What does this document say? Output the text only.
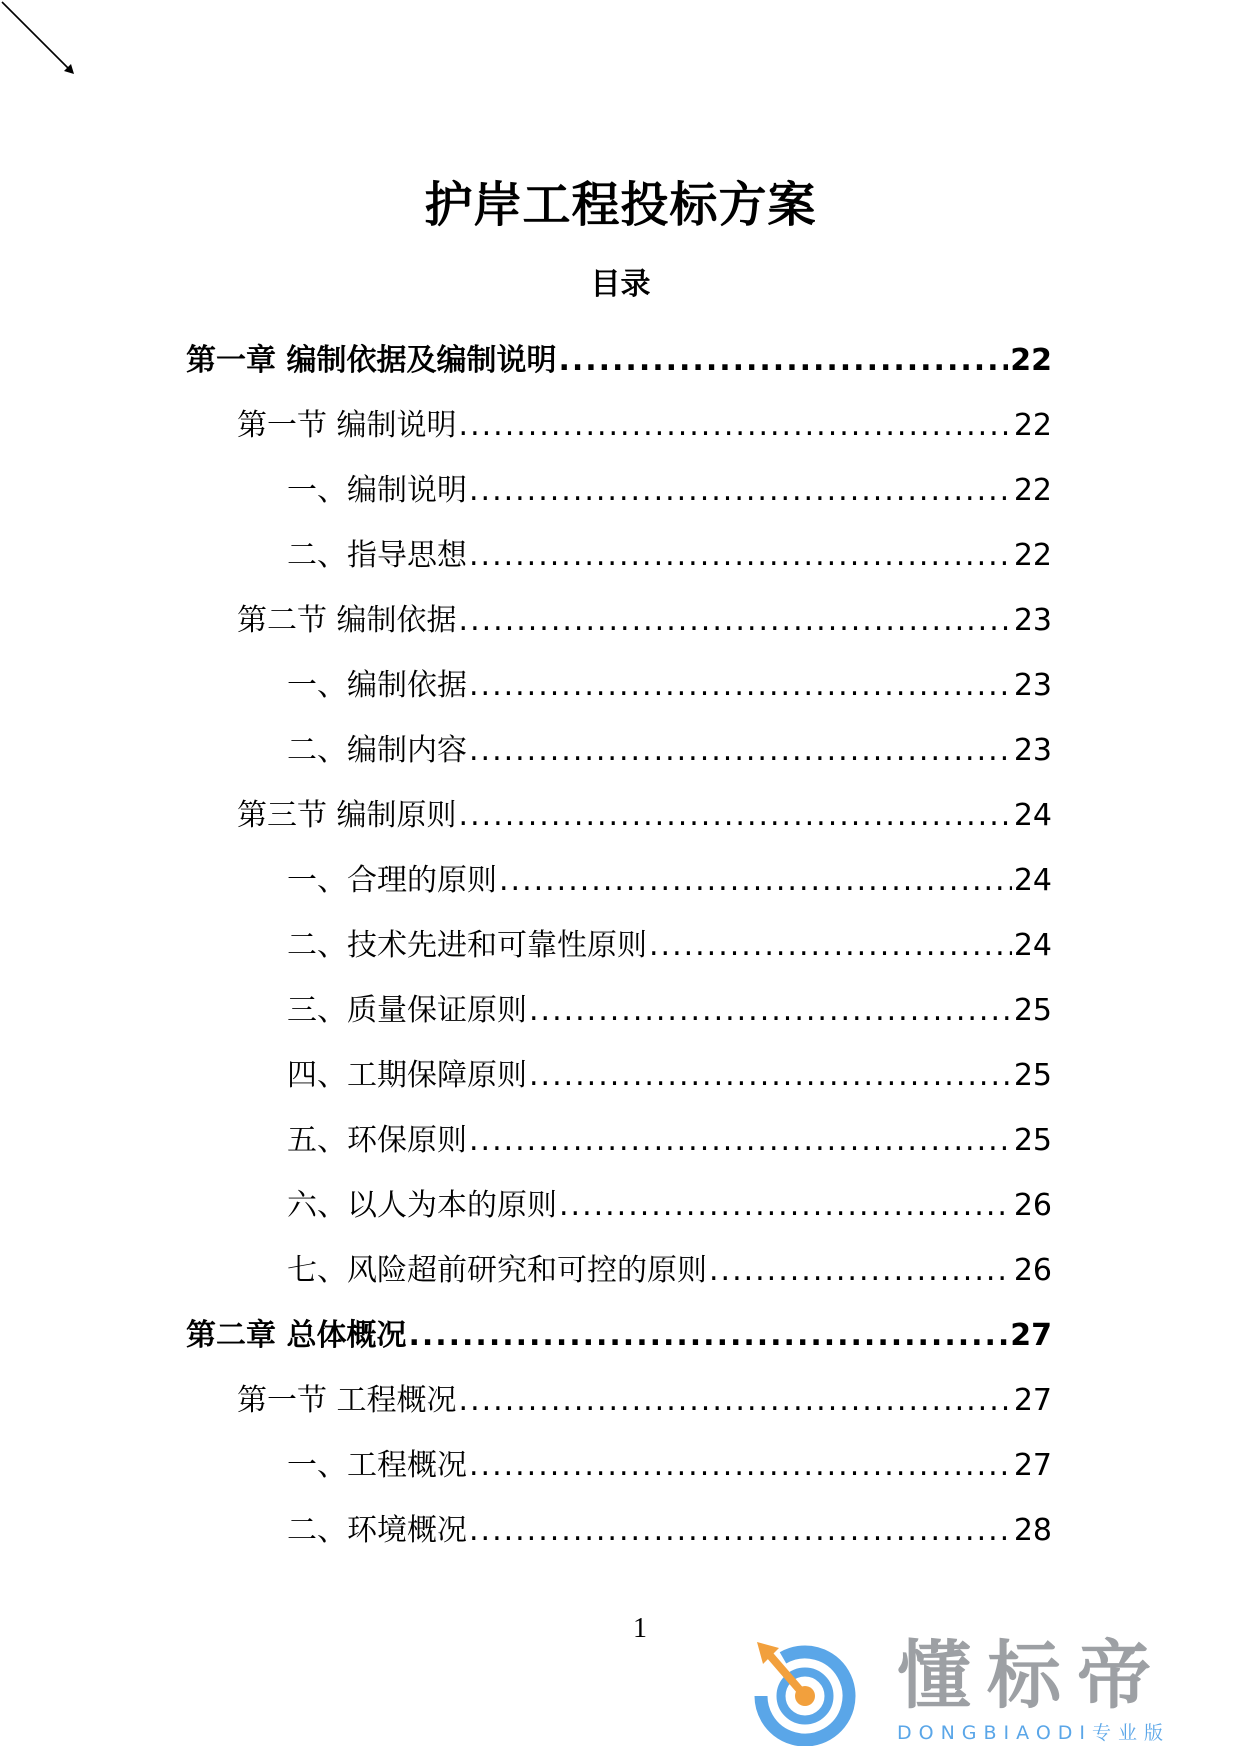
护岸工程投标方案
目录
第一章 编制依据及编制说明 .....	22
第一节 编制说明 .....	22
一、编制说明 .....	22
二、指导思想 .....	22
第二节 编制依据 .....	23
一、编制依据 .....	23
二、编制内容 .....	23
第三节 编制原则 .....	24
一、合理的原则 .....	24
二、技术先进和可靠性原则 .....	24
三、质量保证原则 .....	25
四、工期保障原则 .....	25
五、环保原则 .....	25
六、以人为本的原则 .....	26
七、风险超前研究和可控的原则 .....	26
第二章 总体概况 .....	27
第一节 工程概况 .....	27
一、工程概况 .....	27
二、环境概况 .....	28
1
懂标帝
DONGBIAODI专业版
